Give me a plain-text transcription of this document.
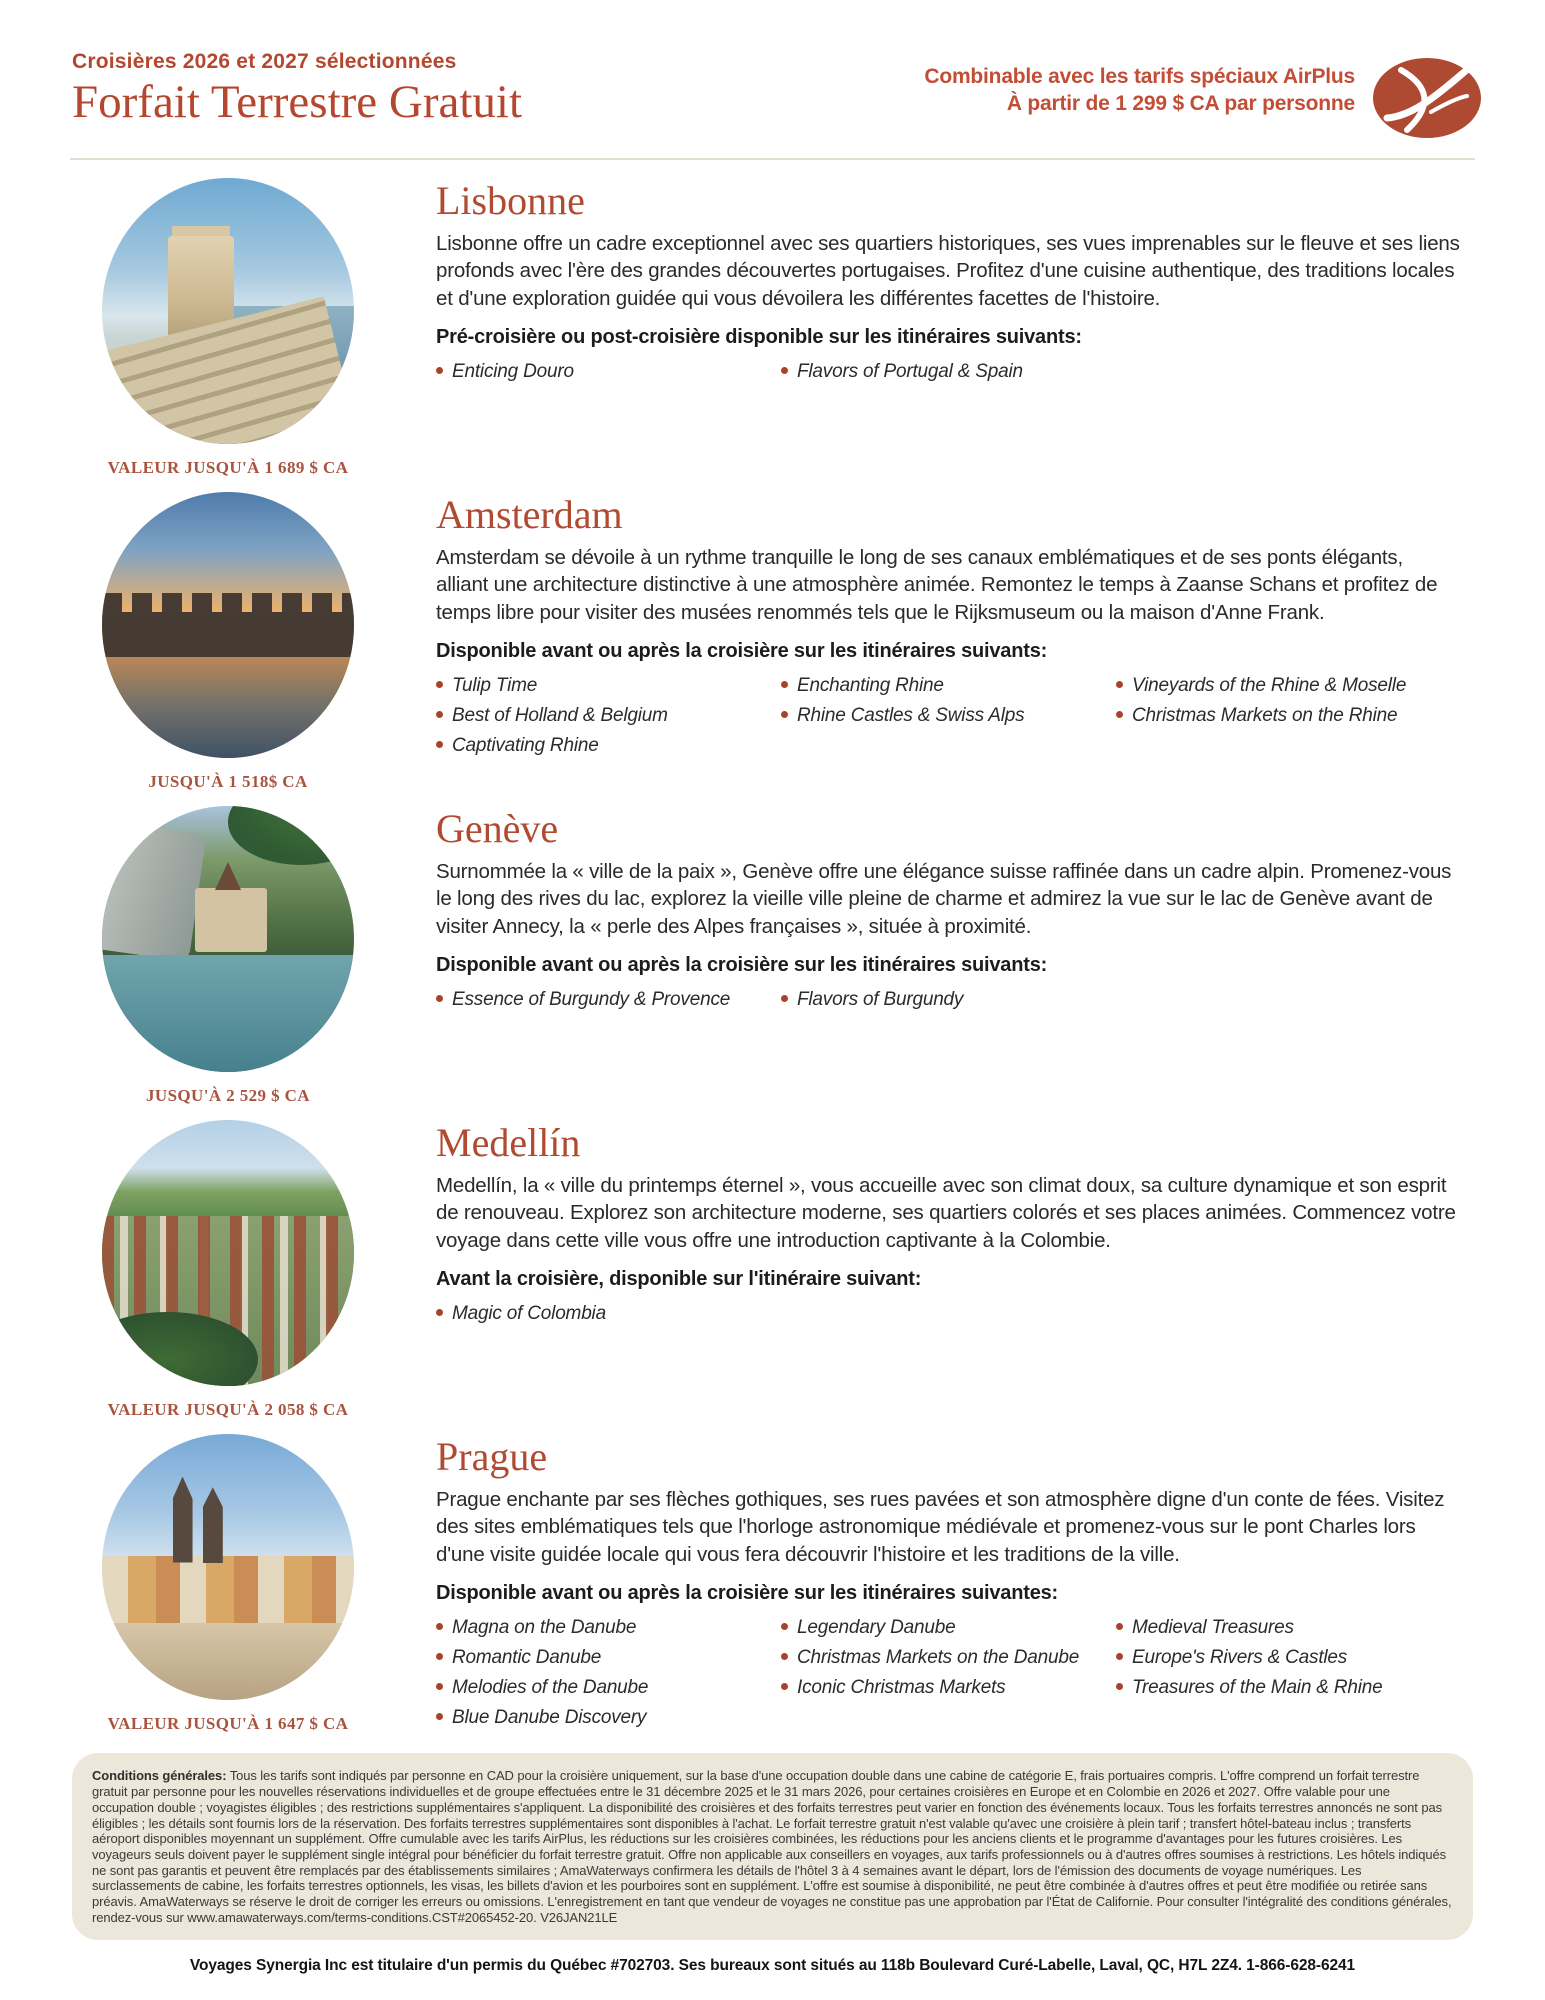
Croisières 2026 et 2027 sélectionnées
Forfait Terrestre Gratuit	Combinable avec les tarifs spéciaux AirPlus
À partir de 1 299 $ CA par personne
VALEUR JUSQU'À 1 689 $ CA
Lisbonne

Lisbonne offre un cadre exceptionnel avec ses quartiers historiques, ses vues imprenables sur le fleuve et ses liens profonds avec l'ère des grandes découvertes portugaises. Profitez d'une cuisine authentique, des traditions locales et d'une exploration guidée qui vous dévoilera les différentes facettes de l'histoire.

Pré-croisière ou post-croisière disponible sur les itinéraires suivants:

Enticing Douro	Flavors of Portugal & Spain
JUSQU'À 1 518$ CA
Amsterdam

Amsterdam se dévoile à un rythme tranquille le long de ses canaux emblématiques et de ses ponts élégants, alliant une architecture distinctive à une atmosphère animée. Remontez le temps à Zaanse Schans et profitez de temps libre pour visiter des musées renommés tels que le Rijksmuseum ou la maison d'Anne Frank.

Disponible avant ou après la croisière sur les itinéraires suivants:

Tulip Time
Best of Holland & Belgium
Captivating Rhine
Enchanting Rhine
Rhine Castles & Swiss Alps
Vineyards of the Rhine & Moselle
Christmas Markets on the Rhine
JUSQU'À 2 529 $ CA
Genève

Surnommée la « ville de la paix », Genève offre une élégance suisse raffinée dans un cadre alpin. Promenez-vous le long des rives du lac, explorez la vieille ville pleine de charme et admirez la vue sur le lac de Genève avant de visiter Annecy, la « perle des Alpes françaises », située à proximité.

Disponible avant ou après la croisière sur les itinéraires suivants:

Essence of Burgundy & Provence	Flavors of Burgundy
VALEUR JUSQU'À 2 058 $ CA
Medellín

Medellín, la « ville du printemps éternel », vous accueille avec son climat doux, sa culture dynamique et son esprit de renouveau. Explorez son architecture moderne, ses quartiers colorés et ses places animées. Commencez votre voyage dans cette ville vous offre une introduction captivante à la Colombie.

Avant la croisière, disponible sur l'itinéraire suivant:

Magic of Colombia
VALEUR JUSQU'À 1 647 $ CA
Prague

Prague enchante par ses flèches gothiques, ses rues pavées et son atmosphère digne d'un conte de fées. Visitez des sites emblématiques tels que l'horloge astronomique médiévale et promenez-vous sur le pont Charles lors d'une visite guidée locale qui vous fera découvrir l'histoire et les traditions de la ville.

Disponible avant ou après la croisière sur les itinéraires suivantes:

Magna on the Danube
Romantic Danube
Melodies of the Danube
Blue Danube Discovery
Legendary Danube
Christmas Markets on the Danube
Iconic Christmas Markets
Medieval Treasures
Europe's Rivers & Castles
Treasures of the Main & Rhine
Conditions générales: Tous les tarifs sont indiqués par personne en CAD pour la croisière uniquement, sur la base d'une occupation double dans une cabine de catégorie E, frais portuaires compris. L'offre comprend un forfait terrestre gratuit par personne pour les nouvelles réservations individuelles et de groupe effectuées entre le 31 décembre 2025 et le 31 mars 2026, pour certaines croisières en Europe et en Colombie en 2026 et 2027. Offre valable pour une occupation double ; voyagistes éligibles ; des restrictions supplémentaires s'appliquent. La disponibilité des croisières et des forfaits terrestres peut varier en fonction des événements locaux. Tous les forfaits terrestres annoncés ne sont pas éligibles ; les détails sont fournis lors de la réservation. Des forfaits terrestres supplémentaires sont disponibles à l'achat. Le forfait terrestre gratuit n'est valable qu'avec une croisière à plein tarif ; transfert hôtel-bateau inclus ; transferts aéroport disponibles moyennant un supplément. Offre cumulable avec les tarifs AirPlus, les réductions sur les croisières combinées, les réductions pour les anciens clients et le programme d'avantages pour les futures croisières. Les voyageurs seuls doivent payer le supplément single intégral pour bénéficier du forfait terrestre gratuit. Offre non applicable aux conseillers en voyages, aux tarifs professionnels ou à d'autres offres soumises à restrictions. Les hôtels indiqués ne sont pas garantis et peuvent être remplacés par des établissements similaires ; AmaWaterways confirmera les détails de l'hôtel 3 à 4 semaines avant le départ, lors de l'émission des documents de voyage numériques. Les surclassements de cabine, les forfaits terrestres optionnels, les visas, les billets d'avion et les pourboires sont en supplément. L'offre est soumise à disponibilité, ne peut être combinée à d'autres offres et peut être modifiée ou retirée sans préavis. AmaWaterways se réserve le droit de corriger les erreurs ou omissions. L'enregistrement en tant que vendeur de voyages ne constitue pas une approbation par l'État de Californie. Pour consulter l'intégralité des conditions générales, rendez-vous sur www.amawaterways.com/terms-conditions.CST#2065452-20. V26JAN21LE
Voyages Synergia Inc est titulaire d'un permis du Québec #702703. Ses bureaux sont situés au 118b Boulevard Curé-Labelle, Laval, QC, H7L 2Z4. 1-866-628-6241
